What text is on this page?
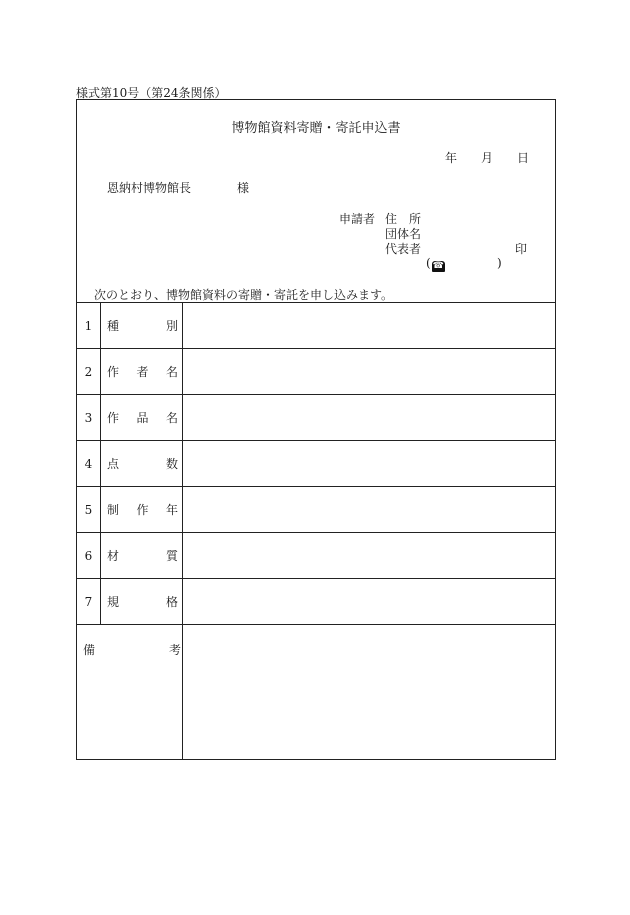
様式第10号（第24条関係）
博物館資料寄贈・寄託申込書
年 月 日
恩納村博物館長	様
申請者 住　所
団体名
代表者	印
( ☎	)
次のとおり、博物館資料の寄贈・寄託を申し込みます。
1	種	別
2	作 者 名
3	作 品 名
4	点	数
5	制 作 年
6	材	質
7	規	格
備	考
